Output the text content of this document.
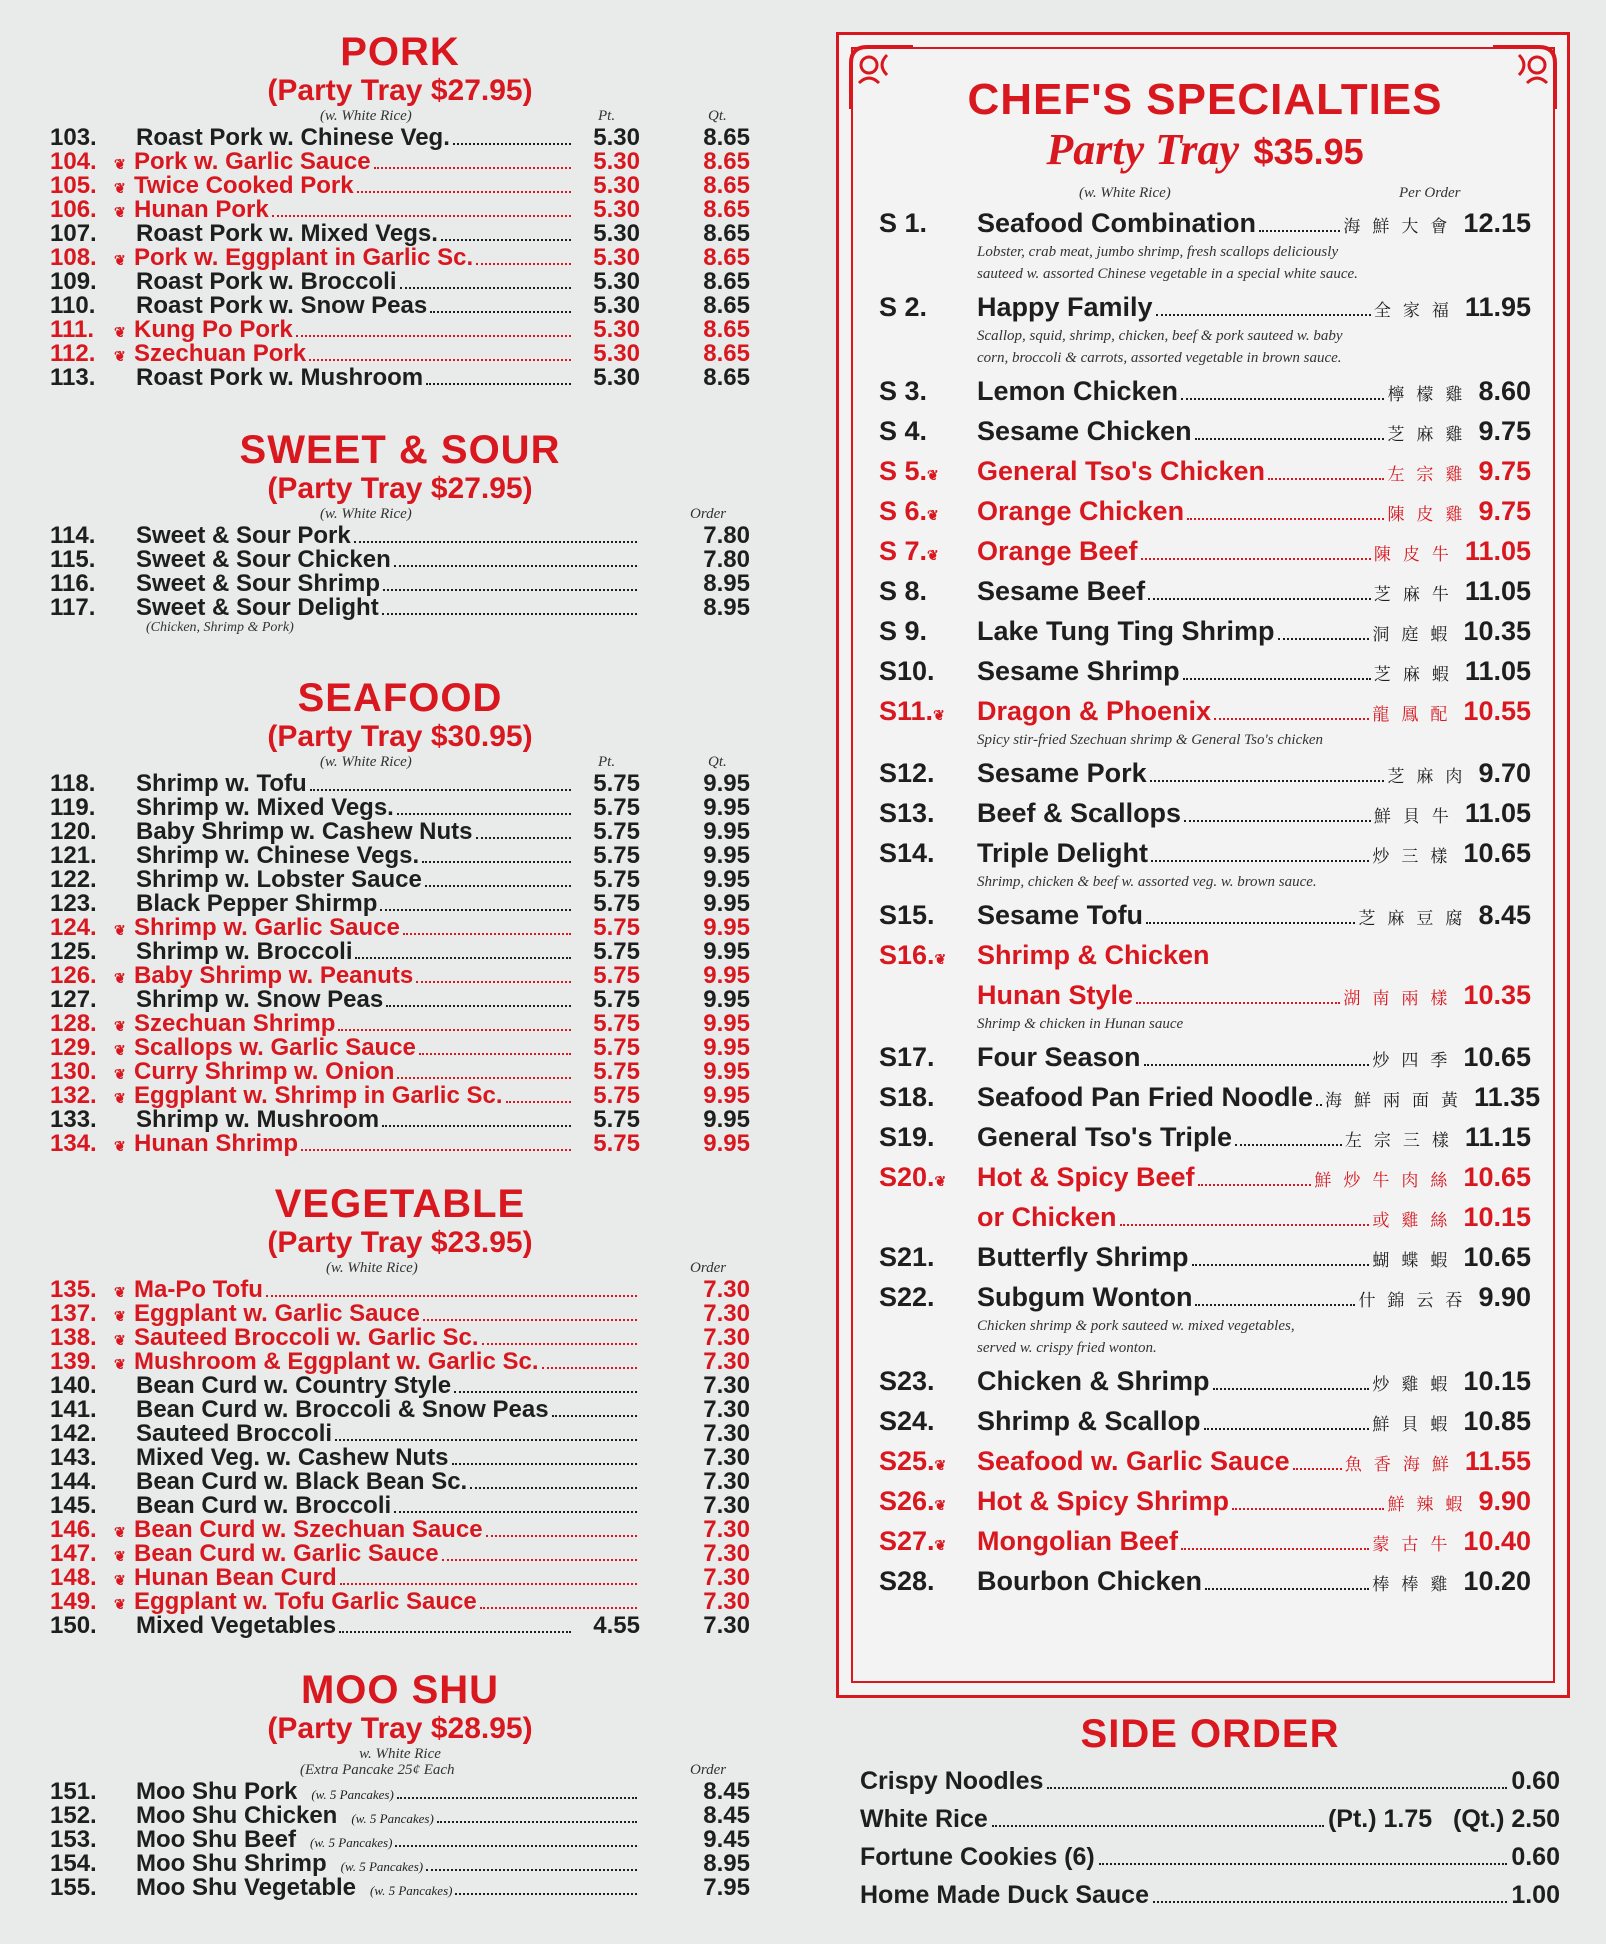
PORK
(Party Tray $27.95)
(w. White Rice)	Pt.	Qt.
103.	Roast Pork w. Chinese Veg.	5.30	8.65
104.	❦ Pork w. Garlic Sauce	5.30	8.65
105.	❦ Twice Cooked Pork	5.30	8.65
106.	❦ Hunan Pork	5.30	8.65
107.	Roast Pork w. Mixed Vegs.	5.30	8.65
108.	❦ Pork w. Eggplant in Garlic Sc.	5.30	8.65
109.	Roast Pork w. Broccoli	5.30	8.65
110.	Roast Pork w. Snow Peas	5.30	8.65
111.	❦ Kung Po Pork	5.30	8.65
112.	❦ Szechuan Pork	5.30	8.65
113.	Roast Pork w. Mushroom	5.30	8.65
SWEET & SOUR
(Party Tray $27.95)
(w. White Rice)	Order
114.	Sweet & Sour Pork	7.80
115.	Sweet & Sour Chicken	7.80
116.	Sweet & Sour Shrimp	8.95
117.	Sweet & Sour Delight	8.95
(Chicken, Shrimp & Pork)
SEAFOOD
(Party Tray $30.95)
(w. White Rice)	Pt.	Qt.
118.	Shrimp w. Tofu	5.75	9.95
119.	Shrimp w. Mixed Vegs.	5.75	9.95
120.	Baby Shrimp w. Cashew Nuts	5.75	9.95
121.	Shrimp w. Chinese Vegs.	5.75	9.95
122.	Shrimp w. Lobster Sauce	5.75	9.95
123.	Black Pepper Shirmp	5.75	9.95
124.	❦ Shrimp w. Garlic Sauce	5.75	9.95
125.	Shrimp w. Broccoli	5.75	9.95
126.	❦ Baby Shrimp w. Peanuts	5.75	9.95
127.	Shrimp w. Snow Peas	5.75	9.95
128.	❦ Szechuan Shrimp	5.75	9.95
129.	❦ Scallops w. Garlic Sauce	5.75	9.95
130.	❦ Curry Shrimp w. Onion	5.75	9.95
132.	❦ Eggplant w. Shrimp in Garlic Sc.	5.75	9.95
133.	Shrimp w. Mushroom	5.75	9.95
134.	❦ Hunan Shrimp	5.75	9.95
VEGETABLE
(Party Tray $23.95)
(w. White Rice)	Order
135.	❦ Ma-Po Tofu	7.30
137.	❦ Eggplant w. Garlic Sauce	7.30
138.	❦ Sauteed Broccoli w. Garlic Sc.	7.30
139.	❦ Mushroom & Eggplant w. Garlic Sc.	7.30
140.	Bean Curd w. Country Style	7.30
141.	Bean Curd w. Broccoli & Snow Peas	7.30
142.	Sauteed Broccoli	7.30
143.	Mixed Veg. w. Cashew Nuts	7.30
144.	Bean Curd w. Black Bean Sc.	7.30
145.	Bean Curd w. Broccoli	7.30
146.	❦ Bean Curd w. Szechuan Sauce	7.30
147.	❦ Bean Curd w. Garlic Sauce	7.30
148.	❦ Hunan Bean Curd	7.30
149.	❦ Eggplant w. Tofu Garlic Sauce	7.30
150.	Mixed Vegetables	4.55	7.30
MOO SHU
(Party Tray $28.95)
w. White Rice
(Extra Pancake 25¢ Each	Order
151.	Moo Shu Pork (w. 5 Pancakes)	8.45
152.	Moo Shu Chicken (w. 5 Pancakes)	8.45
153.	Moo Shu Beef (w. 5 Pancakes)	9.45
154.	Moo Shu Shrimp (w. 5 Pancakes)	8.95
155.	Moo Shu Vegetable (w. 5 Pancakes)	7.95
CHEF'S SPECIALTIES
Party Tray $35.95
(w. White Rice)	Per Order
S 1.	Seafood Combination	海鮮大會 12.15
Lobster, crab meat, jumbo shrimp, fresh scallops deliciously
sauteed w. assorted Chinese vegetable in a special white sauce.
S 2.	Happy Family	全家福 11.95
Scallop, squid, shrimp, chicken, beef & pork sauteed w. baby
corn, broccoli & carrots, assorted vegetable in brown sauce.
S 3.	Lemon Chicken	檸檬雞 8.60
S 4.	Sesame Chicken	芝麻雞 9.75
S 5.❦	General Tso's Chicken	左宗雞 9.75
S 6.❦	Orange Chicken	陳皮雞 9.75
S 7.❦	Orange Beef	陳皮牛 11.05
S 8.	Sesame Beef	芝麻牛 11.05
S 9.	Lake Tung Ting Shrimp	洞庭蝦 10.35
S10.	Sesame Shrimp	芝麻蝦 11.05
S11.❦	Dragon & Phoenix	龍鳳配 10.55
Spicy stir-fried Szechuan shrimp & General Tso's chicken
S12.	Sesame Pork	芝麻肉 9.70
S13.	Beef & Scallops	鮮貝牛 11.05
S14.	Triple Delight	炒三樣 10.65
Shrimp, chicken & beef w. assorted veg. w. brown sauce.
S15.	Sesame Tofu	芝麻豆腐 8.45
S16.❦	Shrimp & Chicken
Hunan Style	湖南兩樣 10.35
Shrimp & chicken in Hunan sauce
S17.	Four Season	炒四季 10.65
S18.	Seafood Pan Fried Noodle 海鮮兩面黃 11.35
S19.	General Tso's Triple	左宗三樣 11.15
S20.❦	Hot & Spicy Beef	鮮炒牛肉絲 10.65
or Chicken	或雞絲 10.15
S21.	Butterfly Shrimp	蝴蝶蝦 10.65
S22.	Subgum Wonton	什錦云吞 9.90
Chicken shrimp & pork sauteed w. mixed vegetables,
served w. crispy fried wonton.
S23.	Chicken & Shrimp	炒雞蝦 10.15
S24.	Shrimp & Scallop	鮮貝蝦 10.85
S25.❦	Seafood w. Garlic Sauce	魚香海鮮 11.55
S26.❦	Hot & Spicy Shrimp	鮮辣蝦 9.90
S27.❦	Mongolian Beef	蒙古牛 10.40
S28.	Bourbon Chicken	棒棒雞 10.20
SIDE ORDER
Crispy Noodles	0.60
White Rice	(Pt.) 1.75   (Qt.) 2.50
Fortune Cookies (6)	0.60
Home Made Duck Sauce	1.00
